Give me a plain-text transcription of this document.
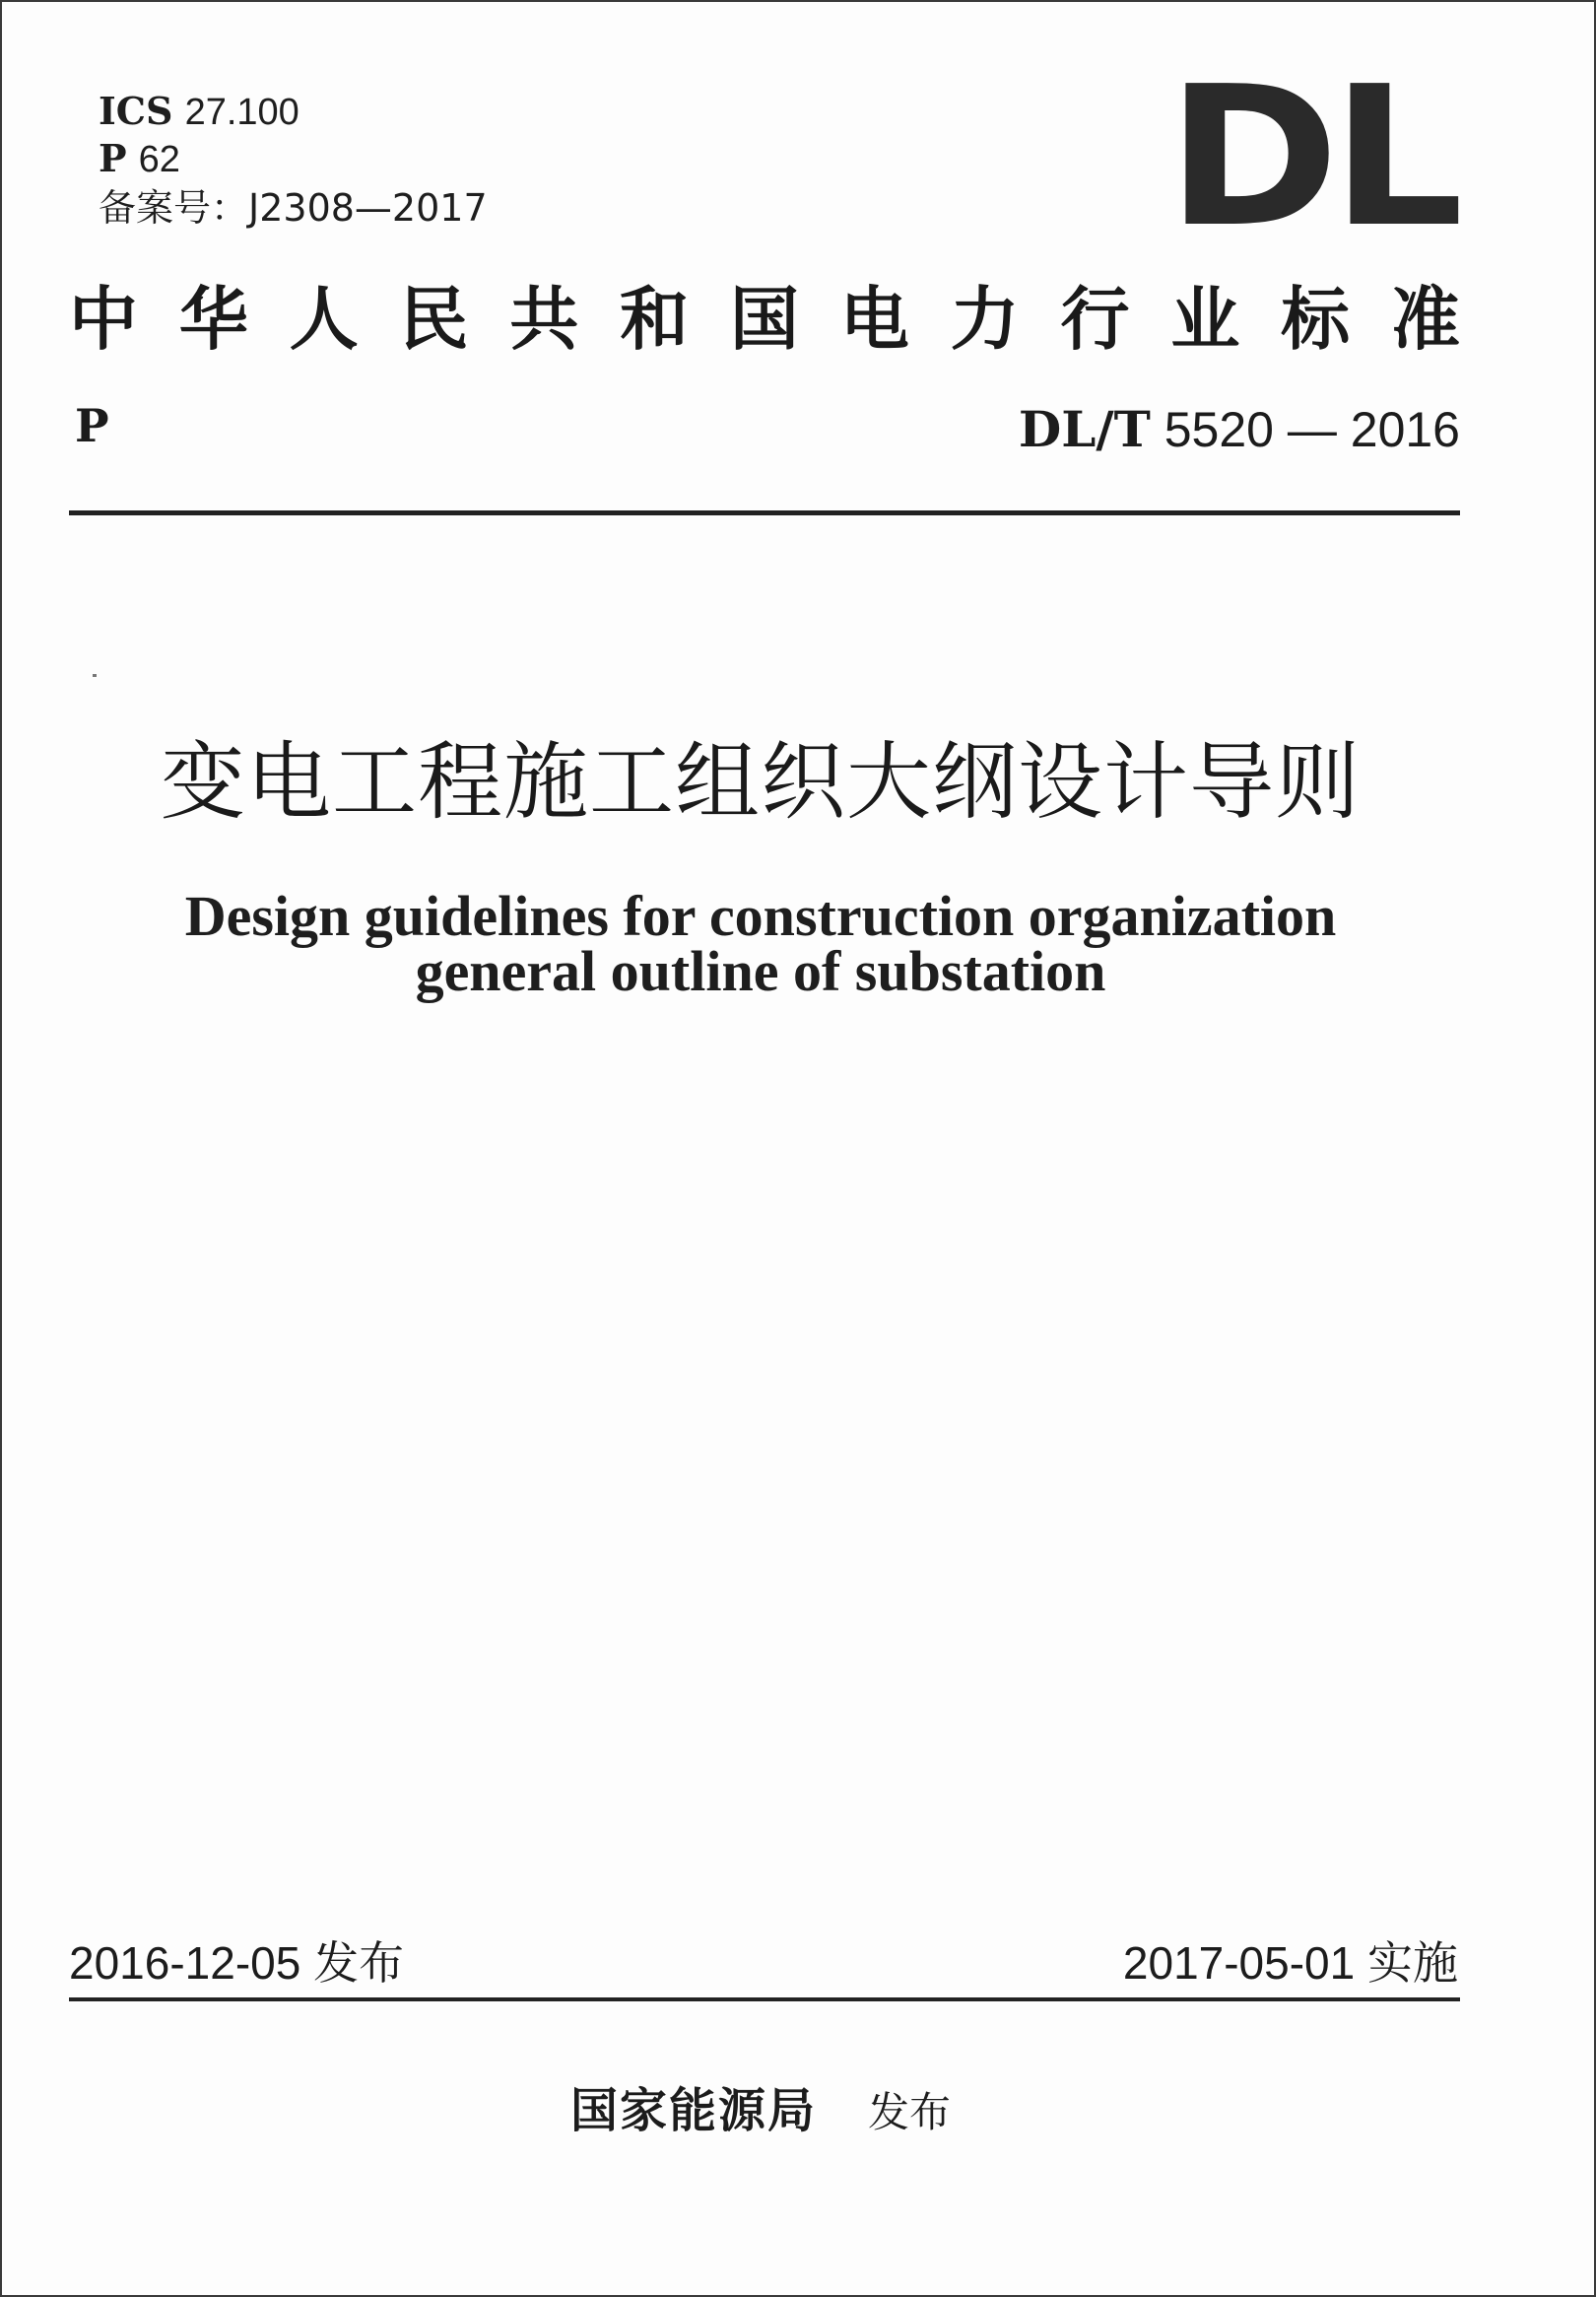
ICS 27.100
P 62
备案号：J2308—2017	DL
中 华 人 民 共 和 国 电 力 行 业 标 准
P	DL/T 5520 — 2016
变电工程施工组织大纲设计导则
Design guidelines for construction organization
general outline of substation
2016-12-05 发布	2017-05-01 实施
国家能源局 发布
